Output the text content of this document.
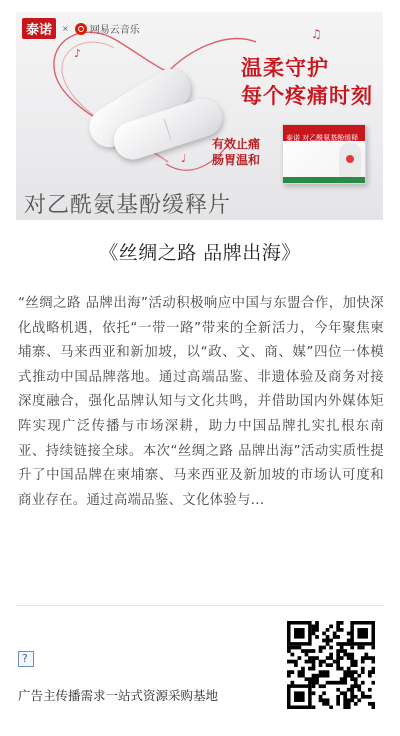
♪
♫
♩
泰诺	× 网易云音乐
温柔守护
每个疼痛时刻
有效止痛
肠胃温和
泰诺 对乙酰氨基酚缓释片
对乙酰氨基酚缓释片
《丝绸之路 品牌出海》
“丝绸之路 品牌出海”活动积极响应中国与东盟合作，加快深化战略机遇，依托“一带一路”带来的全新活力，今年聚焦柬埔寨、马来西亚和新加坡，以“政、文、商、媒”四位一体模式推动中国品牌落地。通过高端品鉴、非遗体验及商务对接深度融合，强化品牌认知与文化共鸣，并借助国内外媒体矩阵实现广泛传播与市场深耕，助力中国品牌扎实扎根东南亚、持续链接全球。本次“丝绸之路 品牌出海”活动实质性提升了中国品牌在柬埔寨、马来西亚及新加坡的市场认可度和商业存在。通过高端品鉴、文化体验与...
?
广告主传播需求一站式资源采购基地
